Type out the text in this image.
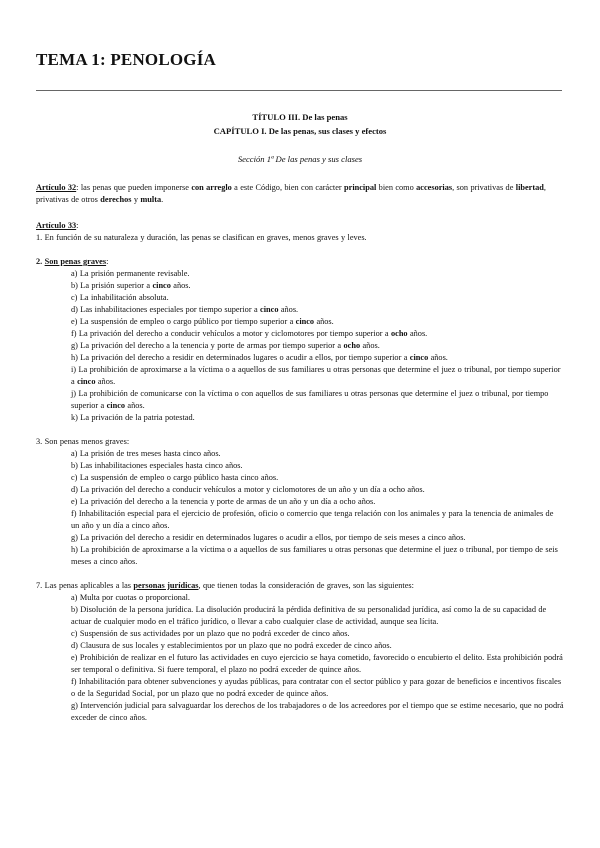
TEMA 1: PENOLOGÍA
TÍTULO III. De las penas
CAPÍTULO I. De las penas, sus clases y efectos
Sección 1ª De las penas y sus clases

Artículo 32: las penas que pueden imponerse con arreglo a este Código, bien con carácter principal bien como accesorias, son privativas de libertad, privativas de otros derechos y multa.

Artículo 33:

1. En función de su naturaleza y duración, las penas se clasifican en graves, menos graves y leves.

2. Son penas graves:

a) La prisión permanente revisable.

b) La prisión superior a cinco años.

c) La inhabilitación absoluta.

d) Las inhabilitaciones especiales por tiempo superior a cinco años.

e) La suspensión de empleo o cargo público por tiempo superior a cinco años.

f) La privación del derecho a conducir vehículos a motor y ciclomotores por tiempo superior a ocho años.

g) La privación del derecho a la tenencia y porte de armas por tiempo superior a ocho años.

h) La privación del derecho a residir en determinados lugares o acudir a ellos, por tiempo superior a cinco años.

i) La prohibición de aproximarse a la víctima o a aquellos de sus familiares u otras personas que determine el juez o tribunal, por tiempo superior a cinco años.

j) La prohibición de comunicarse con la víctima o con aquellos de sus familiares u otras personas que determine el juez o tribunal, por tiempo superior a cinco años.

k) La privación de la patria potestad.

3. Son penas menos graves:

a) La prisión de tres meses hasta cinco años.

b) Las inhabilitaciones especiales hasta cinco años.

c) La suspensión de empleo o cargo público hasta cinco años.

d) La privación del derecho a conducir vehículos a motor y ciclomotores de un año y un día a ocho años.

e) La privación del derecho a la tenencia y porte de armas de un año y un día a ocho años.

f) Inhabilitación especial para el ejercicio de profesión, oficio o comercio que tenga relación con los animales y para la tenencia de animales de un año y un día a cinco años.

g) La privación del derecho a residir en determinados lugares o acudir a ellos, por tiempo de seis meses a cinco años.

h) La prohibición de aproximarse a la víctima o a aquellos de sus familiares u otras personas que determine el juez o tribunal, por tiempo de seis meses a cinco años.

7. Las penas aplicables a las personas jurídicas, que tienen todas la consideración de graves, son las siguientes:

a) Multa por cuotas o proporcional.

b) Disolución de la persona jurídica. La disolución producirá la pérdida definitiva de su personalidad jurídica, así como la de su capacidad de actuar de cualquier modo en el tráfico jurídico, o llevar a cabo cualquier clase de actividad, aunque sea lícita.

c) Suspensión de sus actividades por un plazo que no podrá exceder de cinco años.

d) Clausura de sus locales y establecimientos por un plazo que no podrá exceder de cinco años.

e) Prohibición de realizar en el futuro las actividades en cuyo ejercicio se haya cometido, favorecido o encubierto el delito. Esta prohibición podrá ser temporal o definitiva. Si fuere temporal, el plazo no podrá exceder de quince años.

f) Inhabilitación para obtener subvenciones y ayudas públicas, para contratar con el sector público y para gozar de beneficios e incentivos fiscales o de la Seguridad Social, por un plazo que no podrá exceder de quince años.

g) Intervención judicial para salvaguardar los derechos de los trabajadores o de los acreedores por el tiempo que se estime necesario, que no podrá exceder de cinco años.
